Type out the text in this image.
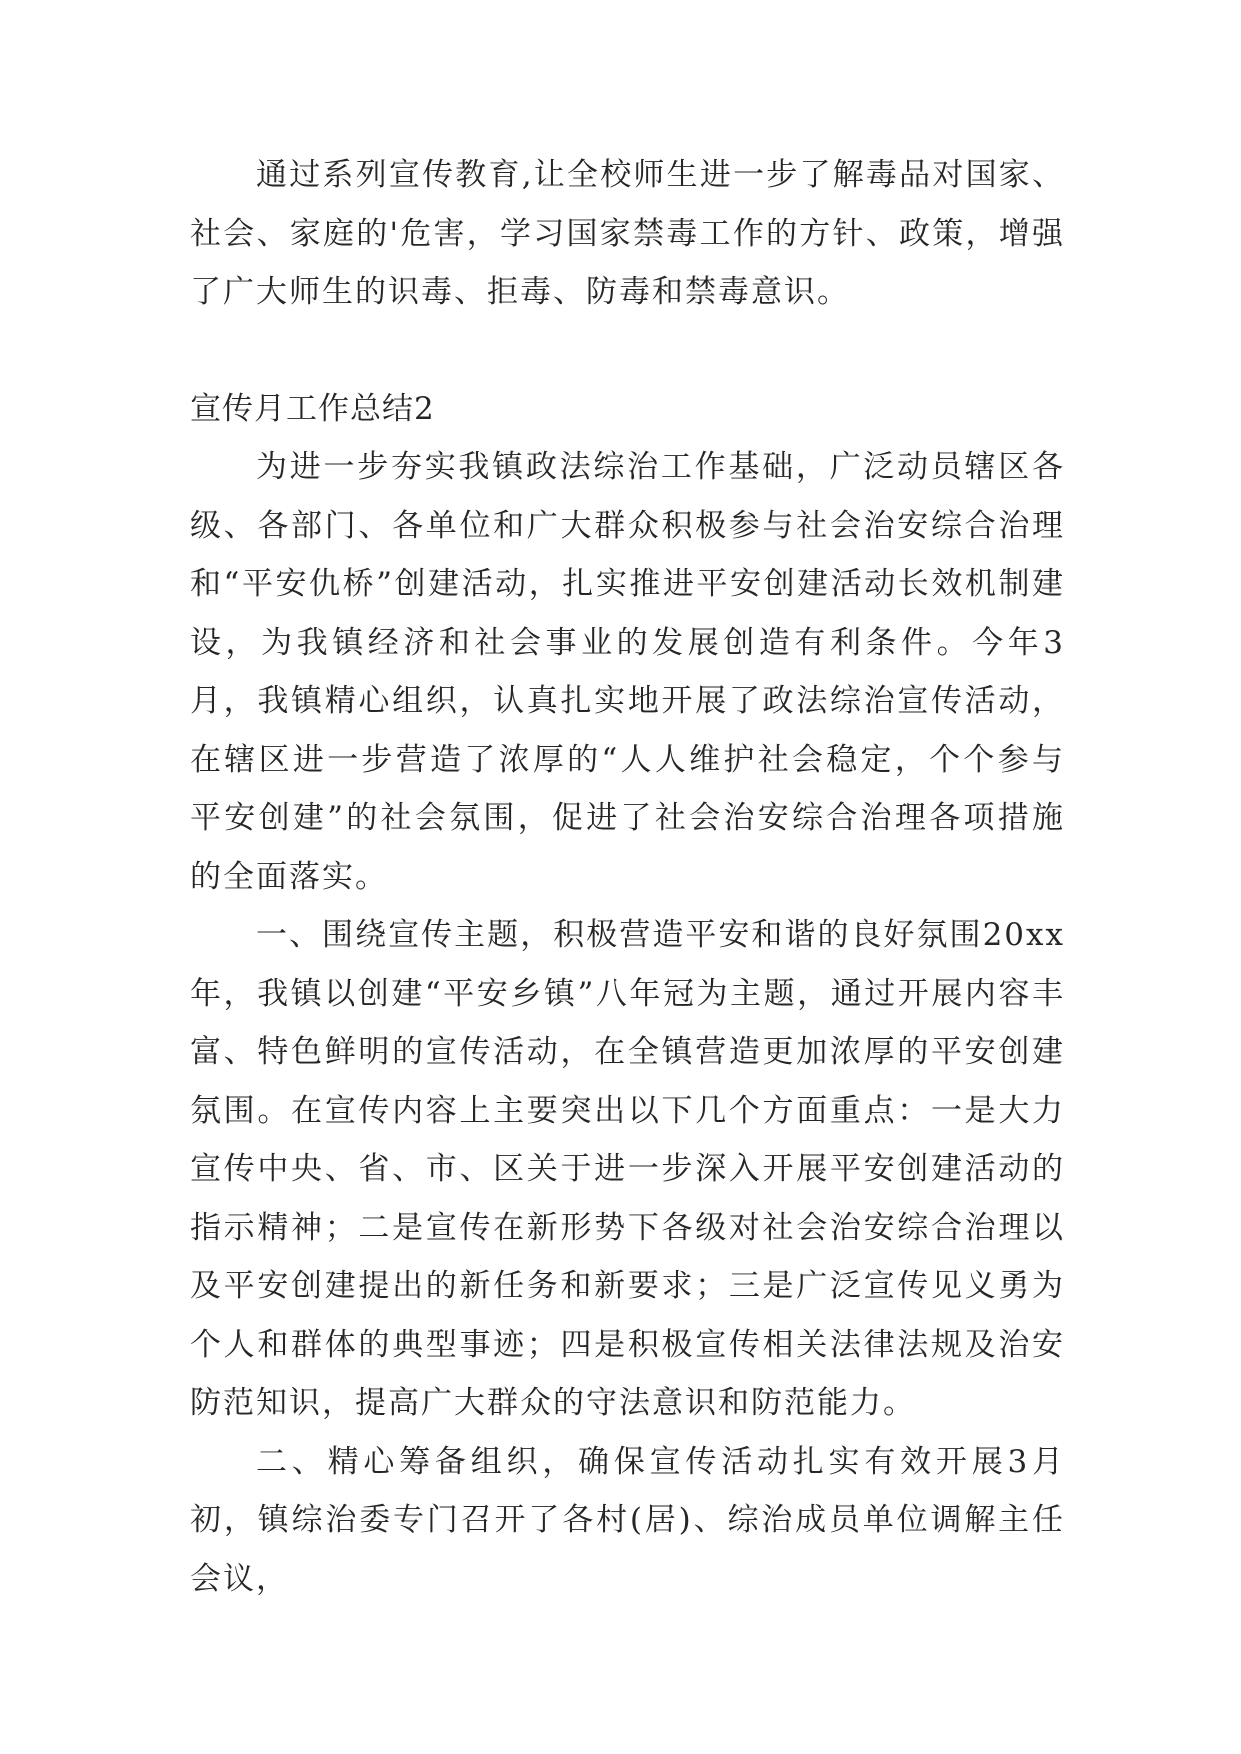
通过系列宣传教育,让全校师生进一步了解毒品对国家、社会、家庭的'危害，学习国家禁毒工作的方针、政策，增强了广大师生的识毒、拒毒、防毒和禁毒意识。

宣传月工作总结2

为进一步夯实我镇政法综治工作基础，广泛动员辖区各级、各部门、各单位和广大群众积极参与社会治安综合治理和“平安仇桥”创建活动，扎实推进平安创建活动长效机制建设，为我镇经济和社会事业的发展创造有利条件。今年3月，我镇精心组织，认真扎实地开展了政法综治宣传活动，在辖区进一步营造了浓厚的“人人维护社会稳定，个个参与平安创建”的社会氛围，促进了社会治安综合治理各项措施的全面落实。

一、围绕宣传主题，积极营造平安和谐的良好氛围20xx年，我镇以创建“平安乡镇”八年冠为主题，通过开展内容丰富、特色鲜明的宣传活动，在全镇营造更加浓厚的平安创建氛围。在宣传内容上主要突出以下几个方面重点：一是大力宣传中央、省、市、区关于进一步深入开展平安创建活动的指示精神；二是宣传在新形势下各级对社会治安综合治理以及平安创建提出的新任务和新要求；三是广泛宣传见义勇为个人和群体的典型事迹；四是积极宣传相关法律法规及治安防范知识，提高广大群众的守法意识和防范能力。

二、精心筹备组织，确保宣传活动扎实有效开展3月初，镇综治委专门召开了各村(居)、综治成员单位调解主任会议，
